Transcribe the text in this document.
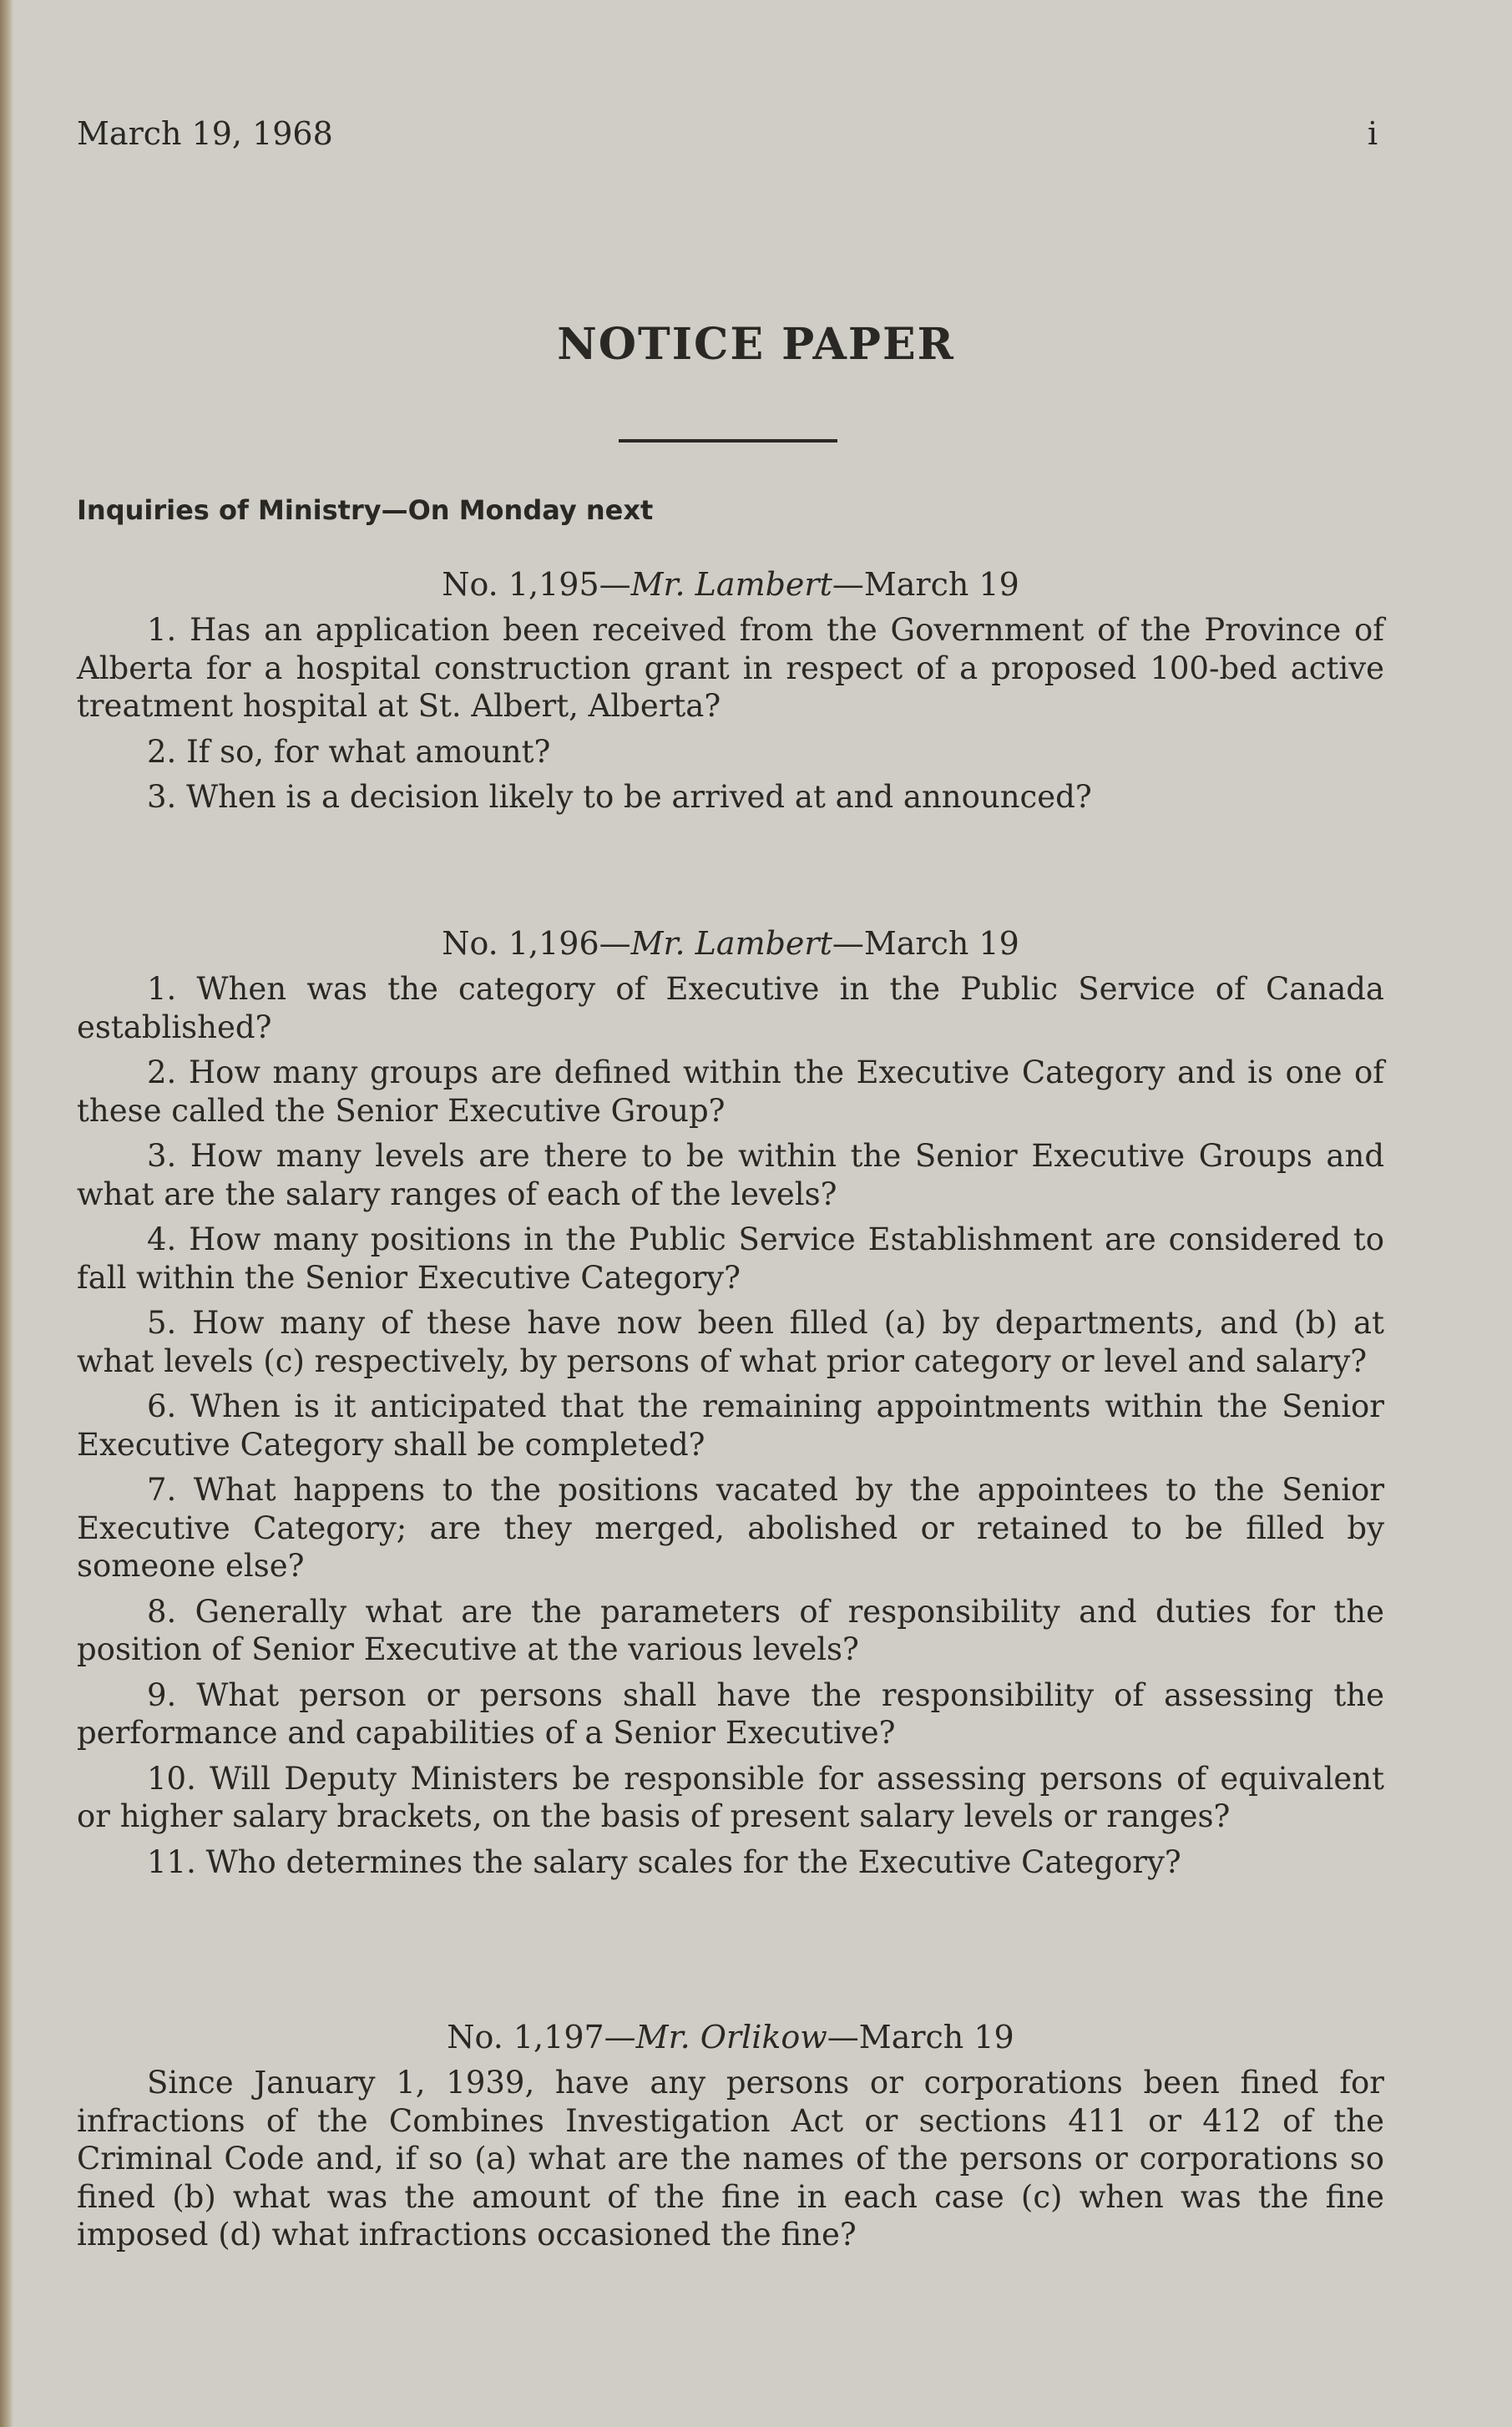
March 19, 1968	i
NOTICE PAPER
Inquiries of Ministry—On Monday next
No. 1,195—Mr. Lambert—March 19

1. Has an application been received from the Government of the Province of Alberta for a hospital construction grant in respect of a proposed 100-bed active treatment hospital at St. Albert, Alberta?

2. If so, for what amount?

3. When is a decision likely to be arrived at and announced?

No. 1,196—Mr. Lambert—March 19

1. When was the category of Executive in the Public Service of Canada established?

2. How many groups are defined within the Executive Category and is one of these called the Senior Executive Group?

3. How many levels are there to be within the Senior Executive Groups and what are the salary ranges of each of the levels?

4. How many positions in the Public Service Establishment are considered to fall within the Senior Executive Category?

5. How many of these have now been filled (a) by departments, and (b) at what levels (c) respectively, by persons of what prior category or level and salary?

6. When is it anticipated that the remaining appointments within the Senior Executive Category shall be completed?

7. What happens to the positions vacated by the appointees to the Senior Executive Category; are they merged, abolished or retained to be filled by someone else?

8. Generally what are the parameters of responsibility and duties for the position of Senior Executive at the various levels?

9. What person or persons shall have the responsibility of assessing the performance and capabilities of a Senior Executive?

10. Will Deputy Ministers be responsible for assessing persons of equivalent or higher salary brackets, on the basis of present salary levels or ranges?

11. Who determines the salary scales for the Executive Category?

No. 1,197—Mr. Orlikow—March 19

Since January 1, 1939, have any persons or corporations been fined for infractions of the Combines Investigation Act or sections 411 or 412 of the Criminal Code and, if so (a) what are the names of the persons or corporations so fined (b) what was the amount of the fine in each case (c) when was the fine imposed (d) what infractions occasioned the fine?
